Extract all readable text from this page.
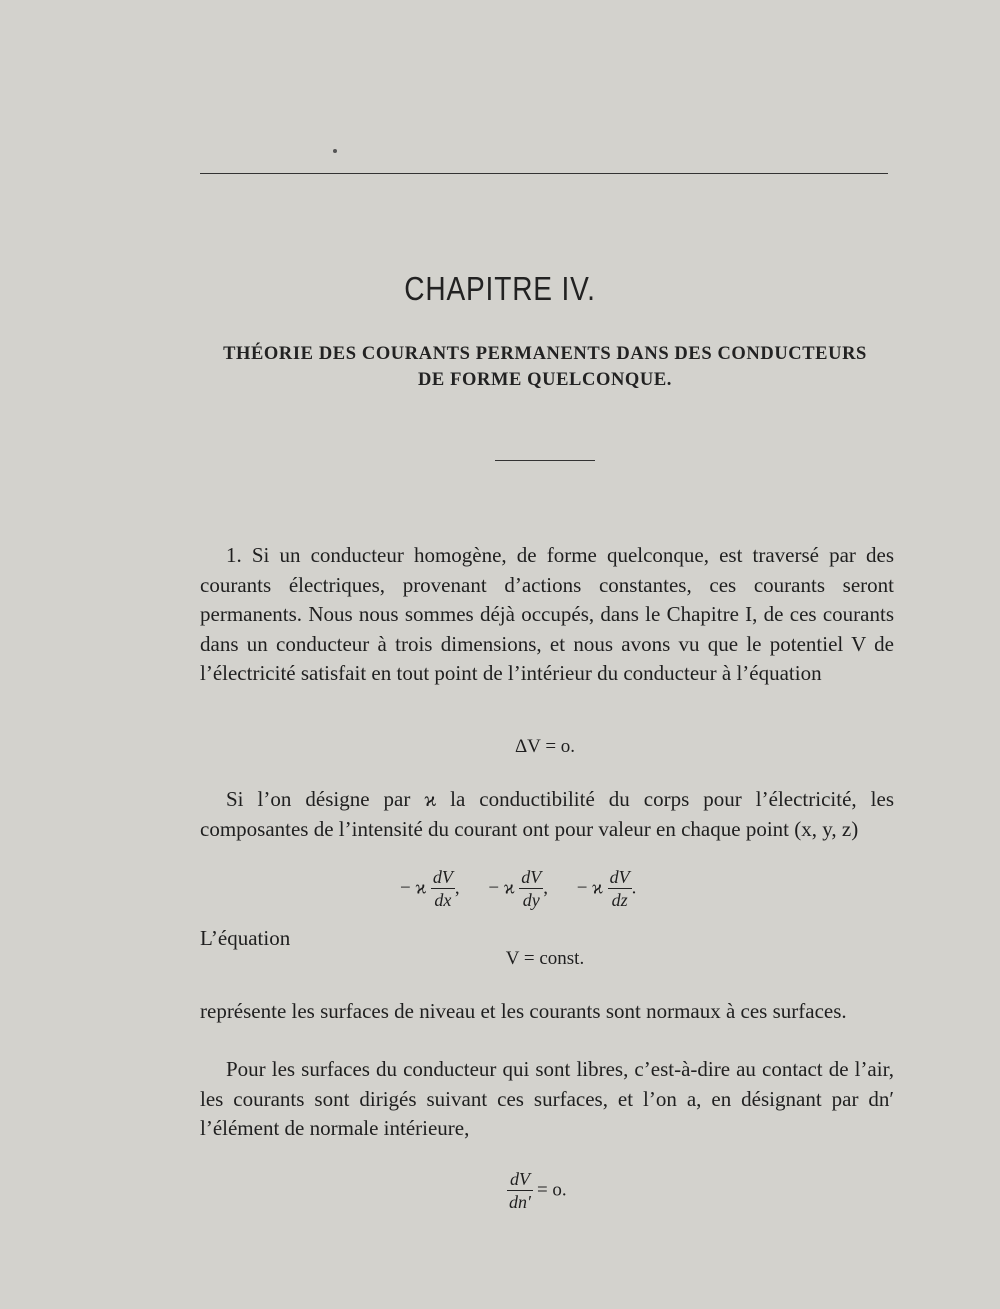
CHAPITRE IV.
THÉORIE DES COURANTS PERMANENTS DANS DES CONDUCTEURS
DE FORME QUELCONQUE.

1. Si un conducteur homogène, de forme quelconque, est traversé par des courants électriques, provenant d’actions constantes, ces courants seront permanents. Nous nous sommes déjà occupés, dans le Chapitre I, de ces courants dans un conducteur à trois dimensions, et nous avons vu que le potentiel V de l’électricité satisfait en tout point de l’intérieur du conducteur à l’équation

ΔV = o.

Si l’on désigne par ϰ la conductibilité du corps pour l’électricité, les composantes de l’intensité du courant ont pour valeur en chaque point (x, y, z)

− ϰ $\frac{dV}{dx}$ , − ϰ $\frac{dV}{dy}$ , − ϰ $\frac{dV}{dz}$ .
L’équation
V = const.

représente les surfaces de niveau et les courants sont normaux à ces surfaces.

Pour les surfaces du conducteur qui sont libres, c’est-à-dire au contact de l’air, les courants sont dirigés suivant ces surfaces, et l’on a, en désignant par dn′ l’élément de normale intérieure,

$\frac{dV}{dn'} = o$.
